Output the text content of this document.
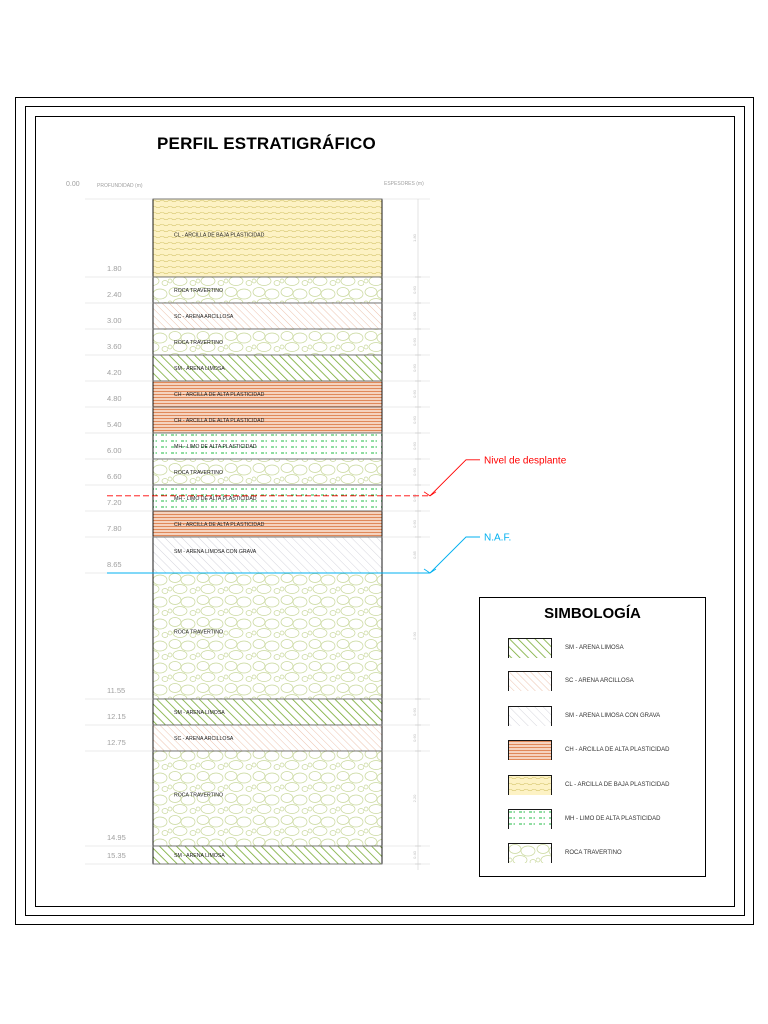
PERFIL ESTRATIGRÁFICO
CL - ARCILLA DE BAJA PLASTICIDAD
ROCA TRAVERTINO
SC - ARENA ARCILLOSA
ROCA TRAVERTINO
SM - ARENA LIMOSA
CH - ARCILLA DE ALTA PLASTICIDAD
CH - ARCILLA DE ALTA PLASTICIDAD
MH - LIMO DE ALTA PLASTICIDAD
ROCA TRAVERTINO
MH - LIMO DE ALTA PLASTICIDAD
CH - ARCILLA DE ALTA PLASTICIDAD
SM - ARENA LIMOSA CON GRAVA
ROCA TRAVERTINO
SM - ARENA LIMOSA
SC - ARENA ARCILLOSA
ROCA TRAVERTINO
SM - ARENA LIMOSA
PROFUNDIDAD (m)
0.00
1.80
2.40
3.00
3.60
4.20
4.80
5.40
6.00
6.60
7.20
7.80
8.65
11.55
12.15
12.75
14.95
15.35
ESPESORES (m)
1.80
0.60
0.60
0.60
0.60
0.60
0.60
0.60
0.60
0.60
0.60
0.85
2.90
0.60
0.60
2.20
0.40
Nivel de desplante
N.A.F.
SIMBOLOGÍA
SM - ARENA LIMOSA
SC - ARENA ARCILLOSA
SM - ARENA LIMOSA CON GRAVA
CH - ARCILLA DE ALTA PLASTICIDAD
CL - ARCILLA DE BAJA PLASTICIDAD
MH - LIMO DE ALTA PLASTICIDAD
ROCA TRAVERTINO
